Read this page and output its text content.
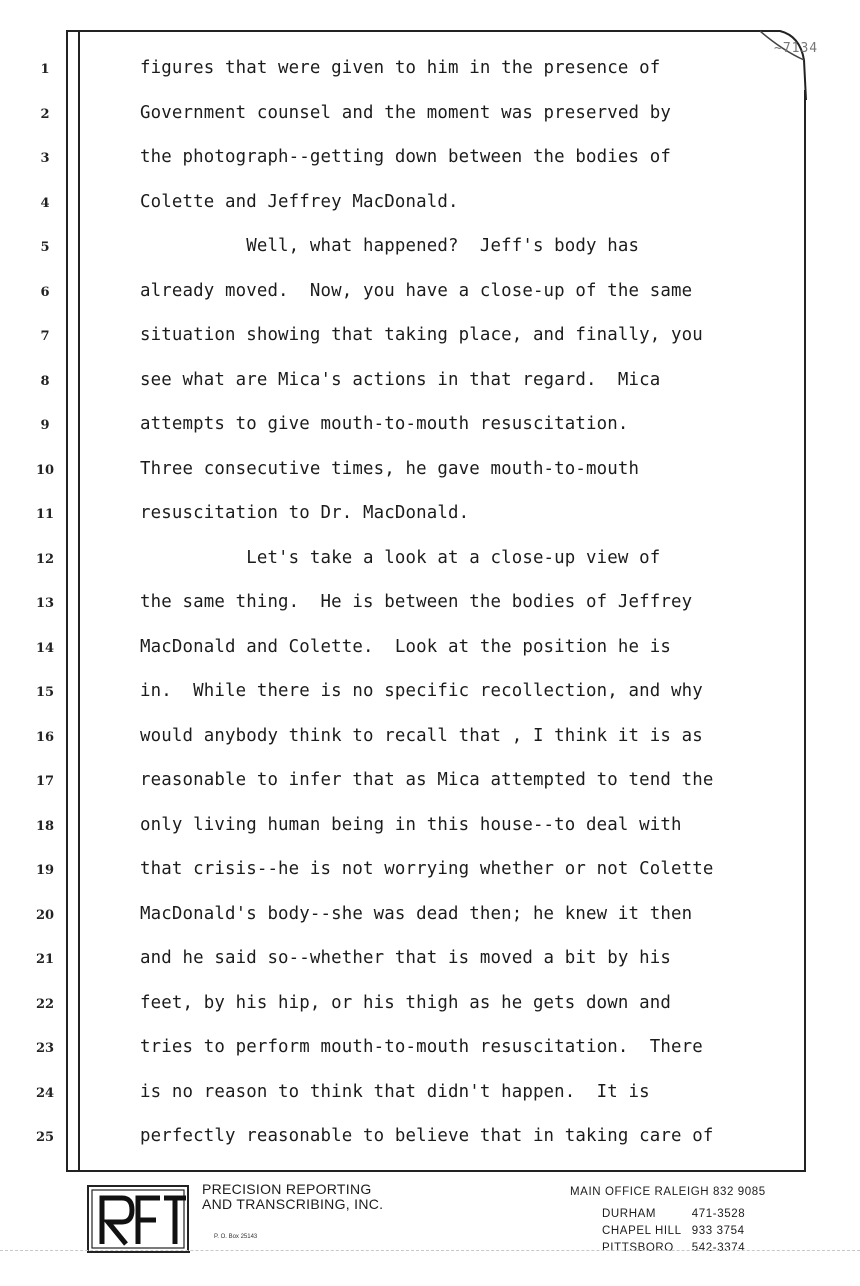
~7134
1	figures that were given to him in the presence of
2	Government counsel and the moment was preserved by
3	the photograph--getting down between the bodies of
4	Colette and Jeffrey MacDonald.
5	Well, what happened?  Jeff's body has
6	already moved.  Now, you have a close-up of the same
7	situation showing that taking place, and finally, you
8	see what are Mica's actions in that regard.  Mica
9	attempts to give mouth-to-mouth resuscitation.
10	Three consecutive times, he gave mouth-to-mouth
11	resuscitation to Dr. MacDonald.
12	Let's take a look at a close-up view of
13	the same thing.  He is between the bodies of Jeffrey
14	MacDonald and Colette.  Look at the position he is
15	in.  While there is no specific recollection, and why
16	would anybody think to recall that , I think it is as
17	reasonable to infer that as Mica attempted to tend the
18	only living human being in this house--to deal with
19	that crisis--he is not worrying whether or not Colette
20	MacDonald's body--she was dead then; he knew it then
21	and he said so--whether that is moved a bit by his
22	feet, by his hip, or his thigh as he gets down and
23	tries to perform mouth-to-mouth resuscitation.  There
24	is no reason to think that didn't happen.  It is
25	perfectly reasonable to believe that in taking care of
PRECISION REPORTING
AND TRANSCRIBING, INC.
P. O. Box 25143
MAIN OFFICE RALEIGH 832 9085
DURHAM	471-3528
CHAPEL HILL 933 3754
PITTSBORO 542-3374
